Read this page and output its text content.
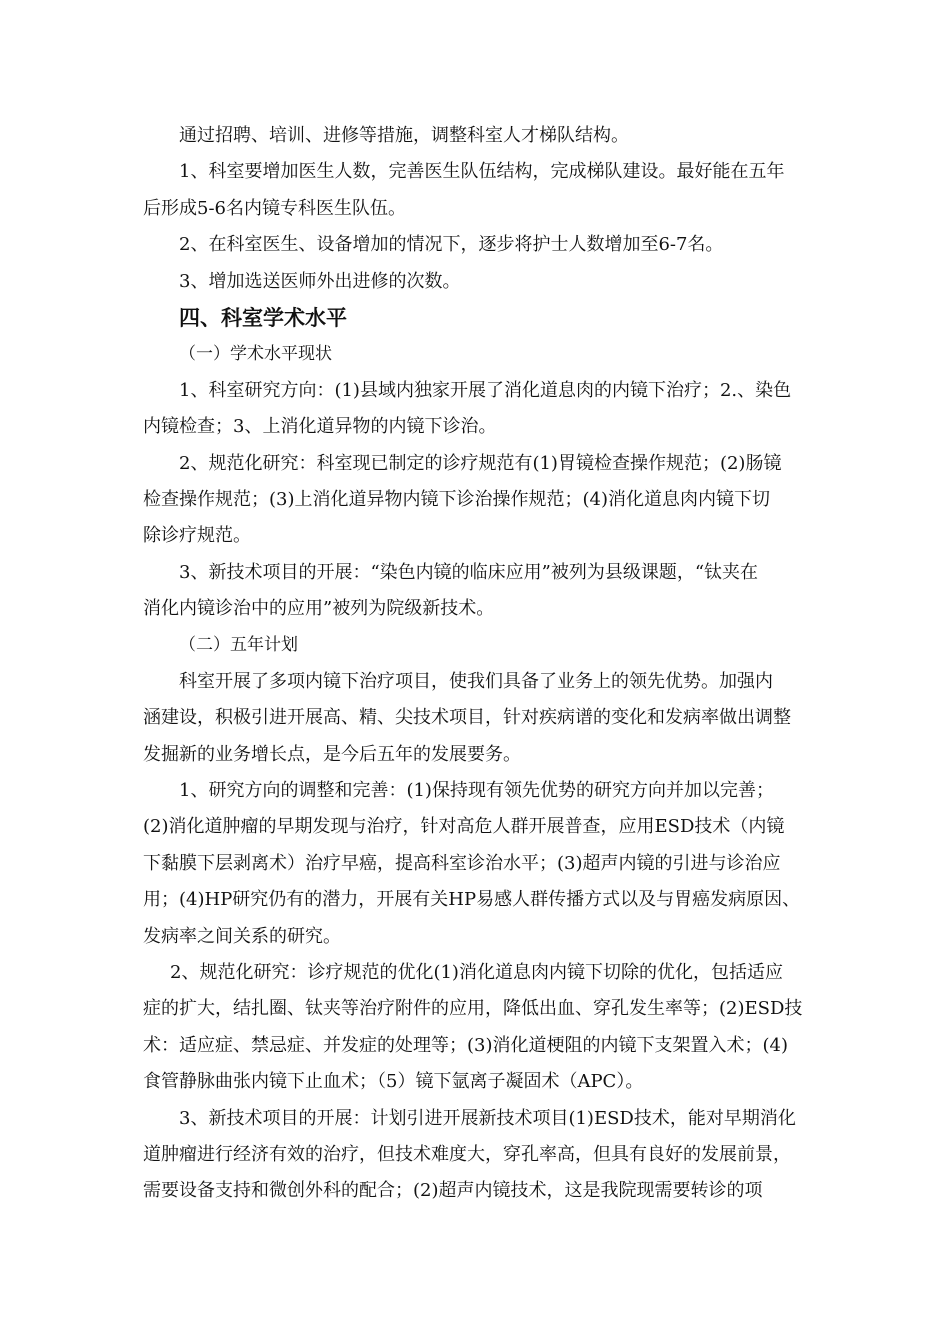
通过招聘、培训、进修等措施，调整科室人才梯队结构。
1、科室要增加医生人数，完善医生队伍结构，完成梯队建设。最好能在五年
后形成5-6名内镜专科医生队伍。
2、在科室医生、设备增加的情况下，逐步将护士人数增加至6-7名。
3、增加选送医师外出进修的次数。
四、科室学术水平
（一）学术水平现状
1、科室研究方向：(1)县域内独家开展了消化道息肉的内镜下治疗；2.、染色
内镜检查；3、上消化道异物的内镜下诊治。
2、规范化研究：科室现已制定的诊疗规范有(1)胃镜检查操作规范；(2)肠镜
检查操作规范；(3)上消化道异物内镜下诊治操作规范；(4)消化道息肉内镜下切
除诊疗规范。
3、新技术项目的开展：“染色内镜的临床应用”被列为县级课题，“钛夹在
消化内镜诊治中的应用”被列为院级新技术。
（二）五年计划
科室开展了多项内镜下治疗项目，使我们具备了业务上的领先优势。加强内
涵建设，积极引进开展高、精、尖技术项目，针对疾病谱的变化和发病率做出调整
发掘新的业务增长点，是今后五年的发展要务。
1、研究方向的调整和完善：(1)保持现有领先优势的研究方向并加以完善；
(2)消化道肿瘤的早期发现与治疗，针对高危人群开展普查，应用ESD技术（内镜
下黏膜下层剥离术）治疗早癌，提高科室诊治水平；(3)超声内镜的引进与诊治应
用；(4)HP研究仍有的潜力，开展有关HP易感人群传播方式以及与胃癌发病原因、
发病率之间关系的研究。
2、规范化研究：诊疗规范的优化(1)消化道息肉内镜下切除的优化，包括适应
症的扩大，结扎圈、钛夹等治疗附件的应用，降低出血、穿孔发生率等；(2)ESD技
术：适应症、禁忌症、并发症的处理等；(3)消化道梗阻的内镜下支架置入术；(4)
食管静脉曲张内镜下止血术；（5）镜下氩离子凝固术（APC）。
3、新技术项目的开展：计划引进开展新技术项目(1)ESD技术，能对早期消化
道肿瘤进行经济有效的治疗，但技术难度大，穿孔率高，但具有良好的发展前景，
需要设备支持和微创外科的配合；(2)超声内镜技术，这是我院现需要转诊的项
